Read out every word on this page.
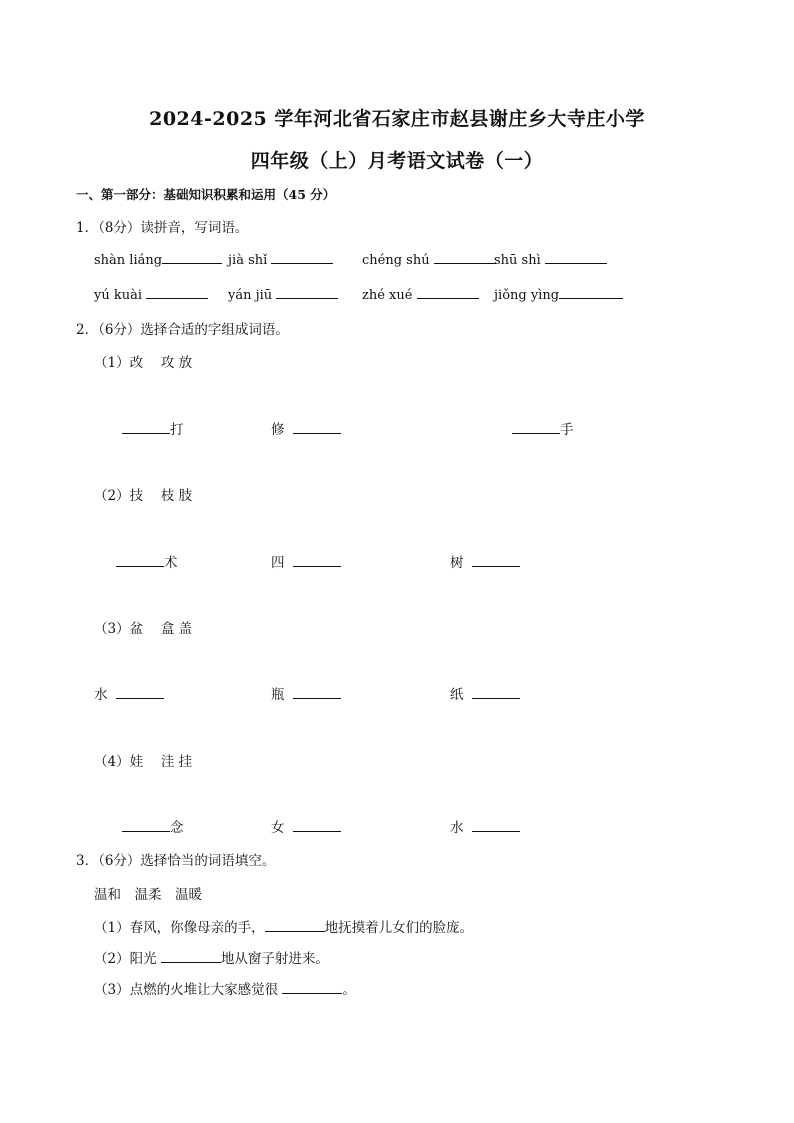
2024-2025 学年河北省石家庄市赵县谢庄乡大寺庄小学
四年级（上）月考语文试卷（一）
一、第一部分：基础知识积累和运用（45 分）
1．（8分）读拼音，写词语。
shàn liáng	jià shǐ	chéng shú	shū shì
yú kuài	yán jiū	zhé xué	jiǒng yìng
2．（6分）选择合适的字组成词语。
（1）改　 攻 放
打	修	手
（2）技　 枝 肢
术	四	树
（3）盆　 盒 盖
水	瓶	纸
（4）娃　 洼 挂
念	女	水
3．（6分）选择恰当的词语填空。
温和　温柔　温暖
（1）春风，你像母亲的手，	地抚摸着儿女们的脸庞。
（2）阳光	地从窗子射进来。
（3）点燃的火堆让大家感觉很	。
